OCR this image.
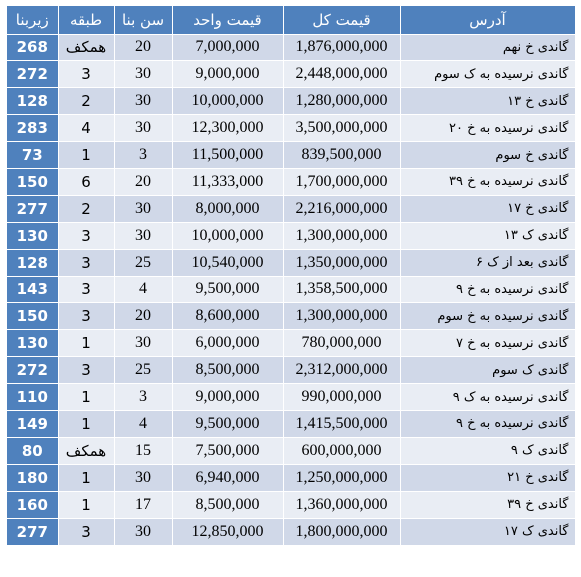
زیربنا	طبقه	سن بنا	قیمت واحد	قیمت کل	آدرس
268	همکف	20	7,000,000	1,876,000,000	گاندی خ نهم
272	3	30	9,000,000	2,448,000,000	گاندی نرسیده به ک سوم
128	2	30	10,000,000	1,280,000,000	گاندی خ ۱۳
283	4	30	12,300,000	3,500,000,000	گاندی نرسیده به خ ۲۰
73	1	3	11,500,000	839,500,000	گاندی خ سوم
150	6	20	11,333,000	1,700,000,000	گاندی نرسیده به خ ۳۹
277	2	30	8,000,000	2,216,000,000	گاندی خ ۱۷
130	3	30	10,000,000	1,300,000,000	گاندی ک ۱۳
128	3	25	10,540,000	1,350,000,000	گاندی بعد از ک ۶
143	3	4	9,500,000	1,358,500,000	گاندی نرسیده به خ ۹
150	3	20	8,600,000	1,300,000,000	گاندی نرسیده به خ سوم
130	1	30	6,000,000	780,000,000	گاندی نرسیده به خ ۷
272	3	25	8,500,000	2,312,000,000	گاندی ک سوم
110	1	3	9,000,000	990,000,000	گاندی نرسیده به ک ۹
149	1	4	9,500,000	1,415,500,000	گاندی نرسیده به خ ۹
80	همکف	15	7,500,000	600,000,000	گاندی ک ۹
180	1	30	6,940,000	1,250,000,000	گاندی خ ۲۱
160	1	17	8,500,000	1,360,000,000	گاندی خ ۳۹
277	3	30	12,850,000	1,800,000,000	گاندی ک ۱۷
